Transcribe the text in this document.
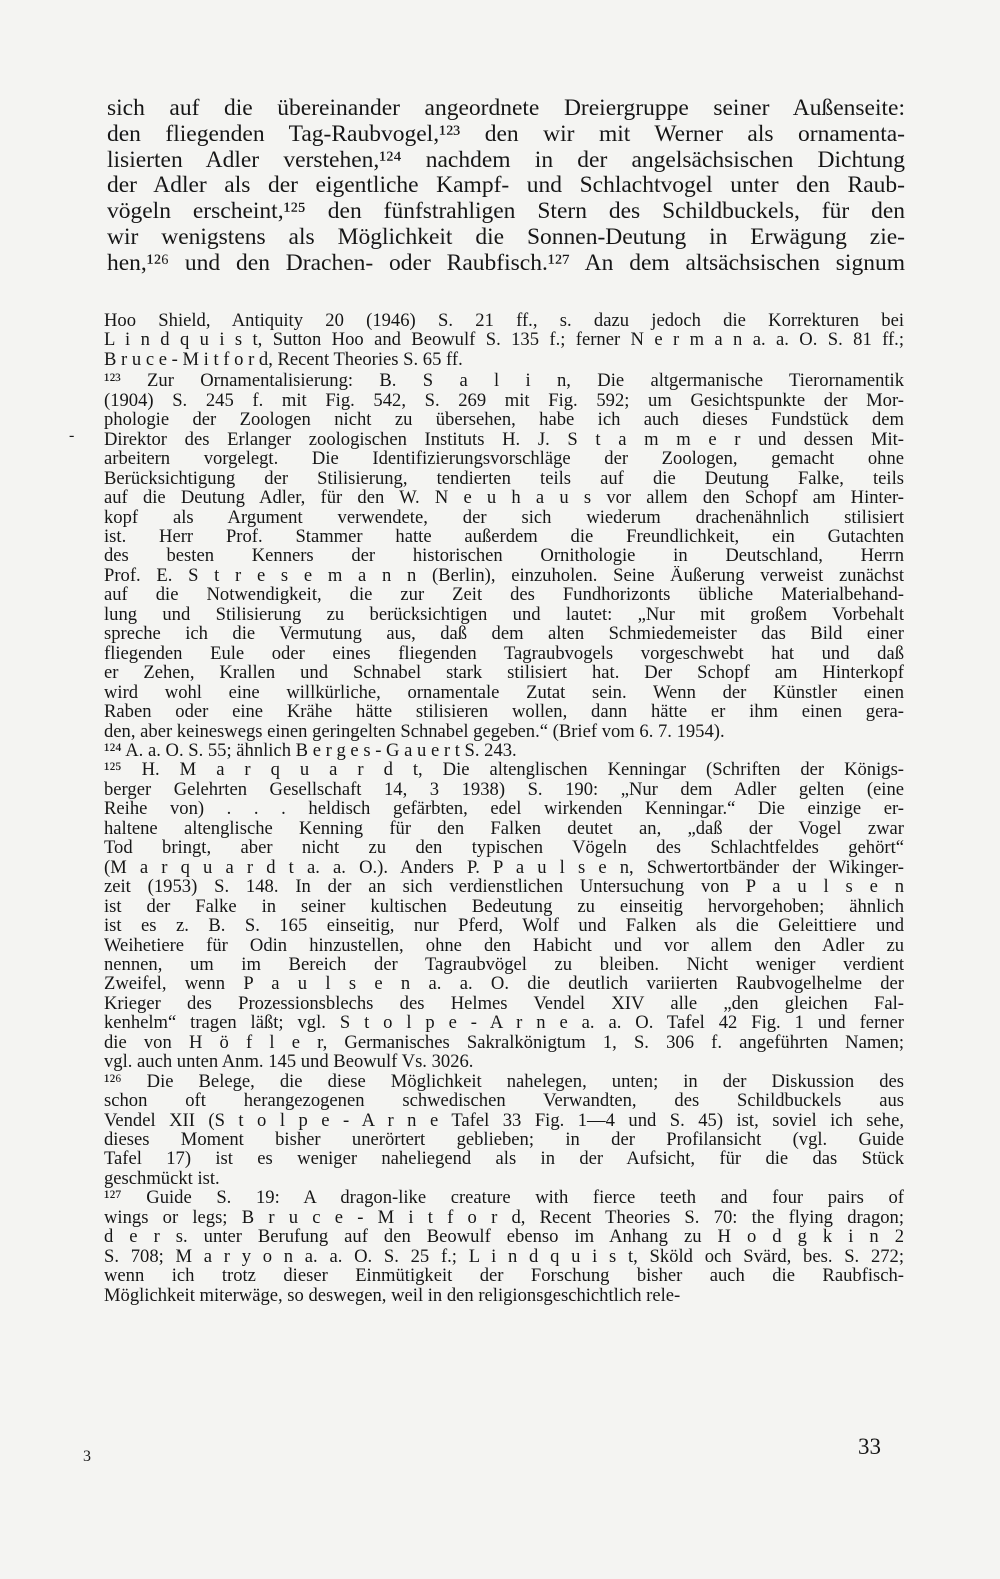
sich auf die übereinander angeordnete Dreiergruppe seiner Außenseite:
den fliegenden Tag-Raubvogel,¹²³ den wir mit Werner als ornamenta-
lisierten Adler verstehen,¹²⁴ nachdem in der angelsächsischen Dichtung
der Adler als der eigentliche Kampf- und Schlachtvogel unter den Raub-
vögeln erscheint,¹²⁵ den fünfstrahligen Stern des Schildbuckels, für den
wir wenigstens als Möglichkeit die Sonnen-Deutung in Erwägung zie-
hen,¹²⁶ und den Drachen- oder Raubfisch.¹²⁷ An dem altsächsischen signum
Hoo Shield, Antiquity 20 (1946) S. 21 ff., s. dazu jedoch die Korrekturen bei
L i n d q u i s t, Sutton Hoo and Beowulf S. 135 f.; ferner N e r m a n a. a. O. S. 81 ff.;
B r u c e - M i t f o r d, Recent Theories S. 65 ff.
¹²³ Zur Ornamentalisierung: B. S a l i n, Die altgermanische Tierornamentik
(1904) S. 245 f. mit Fig. 542, S. 269 mit Fig. 592; um Gesichtspunkte der Mor-
phologie der Zoologen nicht zu übersehen, habe ich auch dieses Fundstück dem
Direktor des Erlanger zoologischen Instituts H. J. S t a m m e r und dessen Mit-
arbeitern vorgelegt. Die Identifizierungsvorschläge der Zoologen, gemacht ohne
Berücksichtigung der Stilisierung, tendierten teils auf die Deutung Falke, teils
auf die Deutung Adler, für den W. N e u h a u s vor allem den Schopf am Hinter-
kopf als Argument verwendete, der sich wiederum drachenähnlich stilisiert
ist. Herr Prof. Stammer hatte außerdem die Freundlichkeit, ein Gutachten
des besten Kenners der historischen Ornithologie in Deutschland, Herrn
Prof. E. S t r e s e m a n n (Berlin), einzuholen. Seine Äußerung verweist zunächst
auf die Notwendigkeit, die zur Zeit des Fundhorizonts übliche Materialbehand-
lung und Stilisierung zu berücksichtigen und lautet: „Nur mit großem Vorbehalt
spreche ich die Vermutung aus, daß dem alten Schmiedemeister das Bild einer
fliegenden Eule oder eines fliegenden Tagraubvogels vorgeschwebt hat und daß
er Zehen, Krallen und Schnabel stark stilisiert hat. Der Schopf am Hinterkopf
wird wohl eine willkürliche, ornamentale Zutat sein. Wenn der Künstler einen
Raben oder eine Krähe hätte stilisieren wollen, dann hätte er ihm einen gera-
den, aber keineswegs einen geringelten Schnabel gegeben.“ (Brief vom 6. 7. 1954).
¹²⁴ A. a. O. S. 55; ähnlich B e r g e s - G a u e r t S. 243.
¹²⁵ H. M a r q u a r d t, Die altenglischen Kenningar (Schriften der Königs-
berger Gelehrten Gesellschaft 14, 3 1938) S. 190: „Nur dem Adler gelten (eine
Reihe von) . . . heldisch gefärbten, edel wirkenden Kenningar.“ Die einzige er-
haltene altenglische Kenning für den Falken deutet an, „daß der Vogel zwar
Tod bringt, aber nicht zu den typischen Vögeln des Schlachtfeldes gehört“
(M a r q u a r d t a. a. O.). Anders P. P a u l s e n, Schwertortbänder der Wikinger-
zeit (1953) S. 148. In der an sich verdienstlichen Untersuchung von P a u l s e n
ist der Falke in seiner kultischen Bedeutung zu einseitig hervorgehoben; ähnlich
ist es z. B. S. 165 einseitig, nur Pferd, Wolf und Falken als die Geleittiere und
Weihetiere für Odin hinzustellen, ohne den Habicht und vor allem den Adler zu
nennen, um im Bereich der Tagraubvögel zu bleiben. Nicht weniger verdient
Zweifel, wenn P a u l s e n a. a. O. die deutlich variierten Raubvogelhelme der
Krieger des Prozessionsblechs des Helmes Vendel XIV alle „den gleichen Fal-
kenhelm“ tragen läßt; vgl. S t o l p e - A r n e a. a. O. Tafel 42 Fig. 1 und ferner
die von H ö f l e r, Germanisches Sakralkönigtum 1, S. 306 f. angeführten Namen;
vgl. auch unten Anm. 145 und Beowulf Vs. 3026.
¹²⁶ Die Belege, die diese Möglichkeit nahelegen, unten; in der Diskussion des
schon oft herangezogenen schwedischen Verwandten, des Schildbuckels aus
Vendel XII (S t o l p e - A r n e Tafel 33 Fig. 1—4 und S. 45) ist, soviel ich sehe,
dieses Moment bisher unerörtert geblieben; in der Profilansicht (vgl. Guide
Tafel 17) ist es weniger naheliegend als in der Aufsicht, für die das Stück
geschmückt ist.
¹²⁷ Guide S. 19: A dragon-like creature with fierce teeth and four pairs of
wings or legs; B r u c e - M i t f o r d, Recent Theories S. 70: the flying dragon;
d e r s. unter Berufung auf den Beowulf ebenso im Anhang zu H o d g k i n 2
S. 708; M a r y o n a. a. O. S. 25 f.; L i n d q u i s t, Sköld och Svärd, bes. S. 272;
wenn ich trotz dieser Einmütigkeit der Forschung bisher auch die Raubfisch-
Möglichkeit miterwäge, so deswegen, weil in den religionsgeschichtlich rele-
-
3	33
